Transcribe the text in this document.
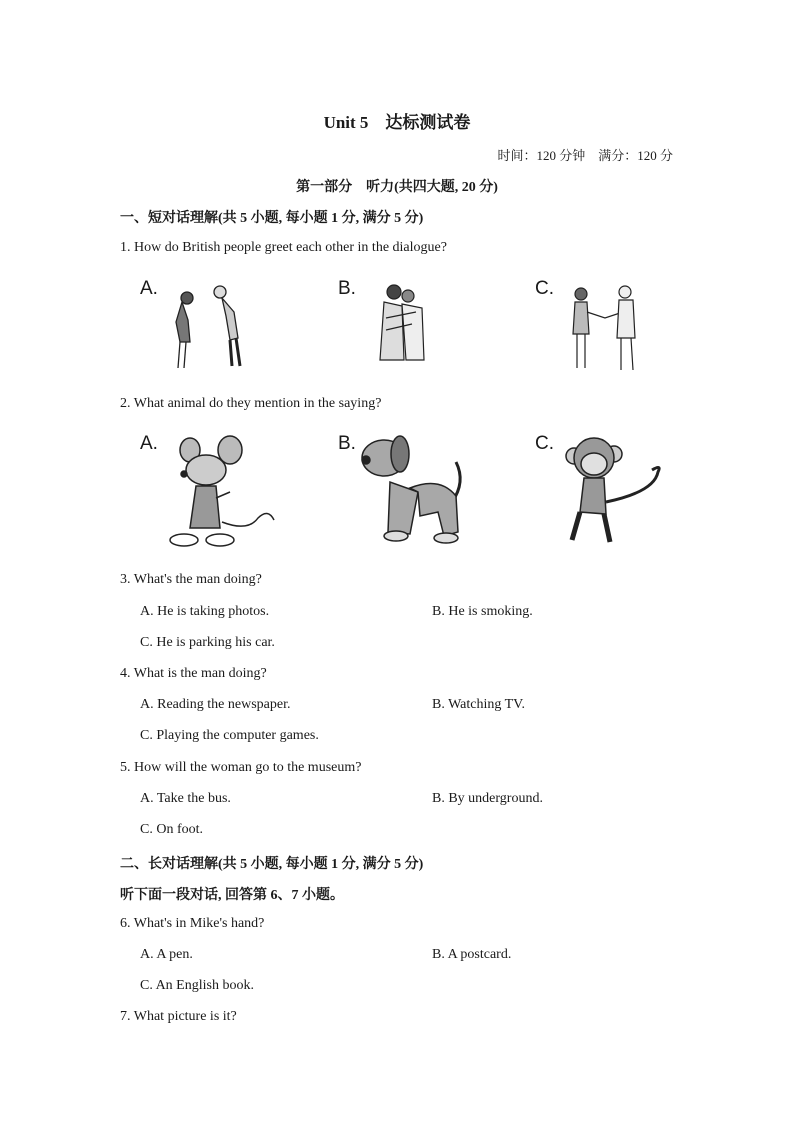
Unit 5　达标测试卷
时间：120 分钟　满分：120 分
第一部分　听力(共四大题, 20 分)
一、短对话理解(共 5 小题, 每小题 1 分, 满分 5 分)
1. How do British people greet each other in the dialogue?
A.	B.	C.
2. What animal do they mention in the saying?
A.	B.	C.
3. What's the man doing?
A. He is taking photos.	B. He is smoking.
C. He is parking his car.
4. What is the man doing?
A. Reading the newspaper.	B. Watching TV.
C. Playing the computer games.
5. How will the woman go to the museum?
A. Take the bus.	B. By underground.
C. On foot.
二、长对话理解(共 5 小题, 每小题 1 分, 满分 5 分)
听下面一段对话, 回答第 6、7 小题。
6. What's in Mike's hand?
A. A pen.	B. A postcard.
C. An English book.
7. What picture is it?
